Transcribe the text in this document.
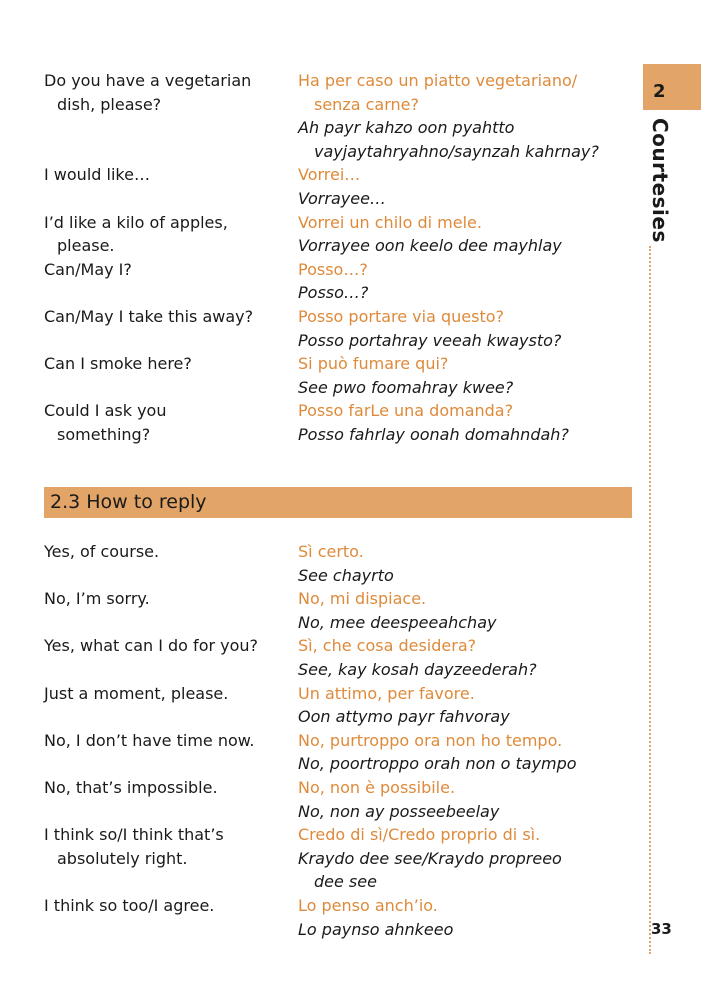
Do you have a vegetarian	Ha per caso un piatto vegetariano/
dish, please?	senza carne?
Ah payr kahzo oon pyahtto
vayjaytahryahno/saynzah kahrnay?
I would like…	Vorrei…
Vorrayee…
I’d like a kilo of apples,	Vorrei un chilo di mele.
please.	Vorrayee oon keelo dee mayhlay
Can/May I?	Posso…?
Posso…?
Can/May I take this away?	Posso portare via questo?
Posso portahray veeah kwaysto?
Can I smoke here?	Si può fumare qui?
See pwo foomahray kwee?
Could I ask you	Posso farLe una domanda?
something?	Posso fahrlay oonah domahndah?
2.3 How to reply
Yes, of course.	Sì certo.
See chayrto
No, I’m sorry.	No, mi dispiace.
No, mee deespeeahchay
Yes, what can I do for you? Sì, che cosa desidera?
See, kay kosah dayzeederah?
Just a moment, please.	Un attimo, per favore.
Oon attymo payr fahvoray
No, I don’t have time now.	No, purtroppo ora non ho tempo.
No, poortroppo orah non o taympo
No, that’s impossible.	No, non è possibile.
No, non ay posseebeelay
I think so/I think that’s	Credo di sì/Credo proprio di sì.
absolutely right.	Kraydo dee see/Kraydo propreeo
dee see
I think so too/I agree.	Lo penso anch’io.
Lo paynso ahnkeeo
2
Courtesies
33
